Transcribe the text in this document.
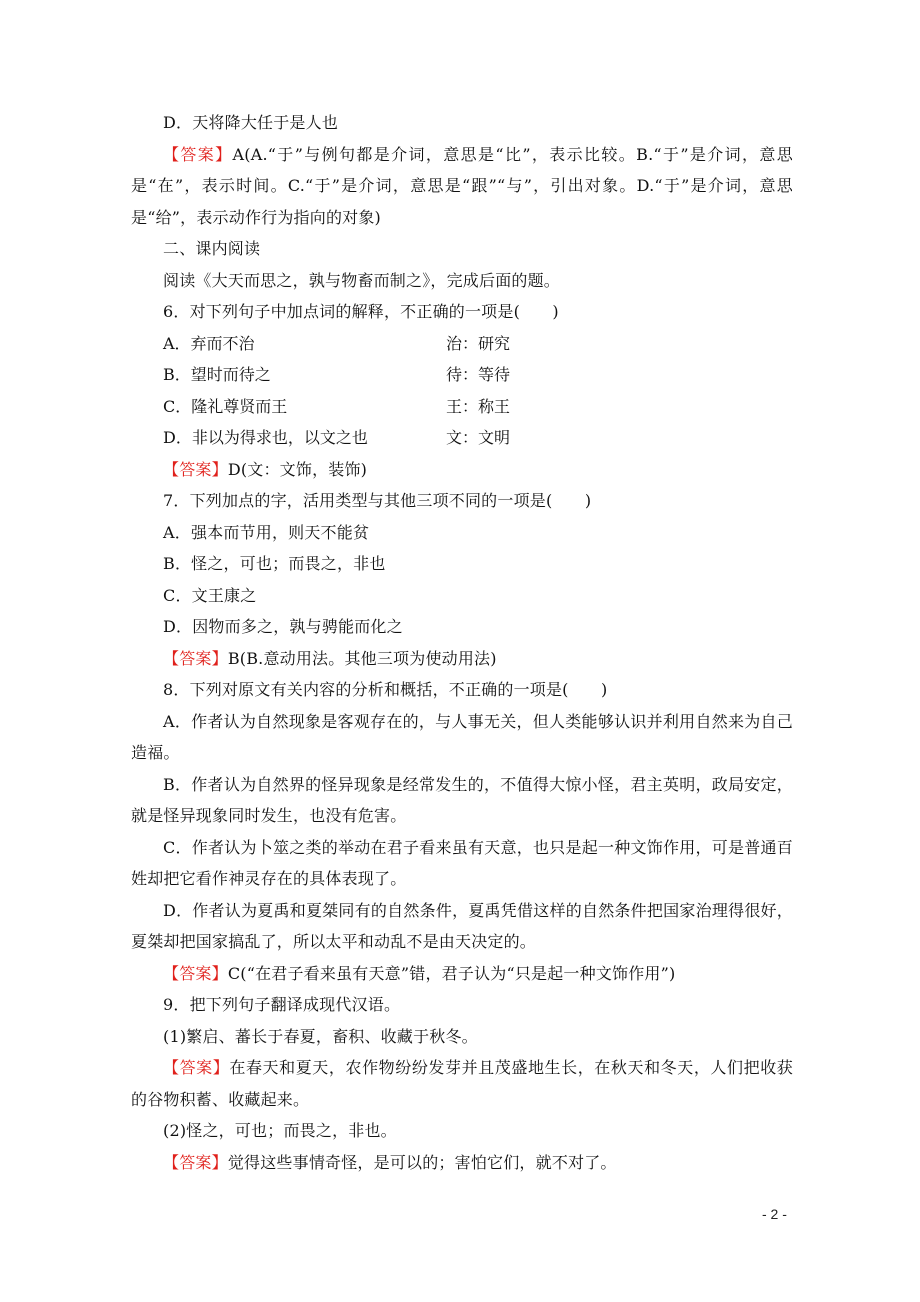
D．天将降大任于是人也
【答案】A(A.“于”与例句都是介词，意思是“比”，表示比较。B.“于”是介词，意思是“在”，表示时间。C.“于”是介词，意思是“跟”“与”，引出对象。D.“于”是介词，意思是“给”，表示动作行为指向的对象)
二、课内阅读
阅读《大天而思之，孰与物畜而制之》，完成后面的题。
6．对下列句子中加点词的解释，不正确的一项是(　　)
A．弃而不治	治：研究
B．望时而待之	待：等待
C．隆礼尊贤而王	王：称王
D．非以为得求也，以文之也	文：文明
【答案】D(文：文饰，装饰)
7．下列加点的字，活用类型与其他三项不同的一项是(　　)
A．强本而节用，则天不能贫
B．怪之，可也；而畏之，非也
C．文王康之
D．因物而多之，孰与骋能而化之
【答案】B(B.意动用法。其他三项为使动用法)
8．下列对原文有关内容的分析和概括，不正确的一项是(　　)
A．作者认为自然现象是客观存在的，与人事无关，但人类能够认识并利用自然来为自己造福。
B．作者认为自然界的怪异现象是经常发生的，不值得大惊小怪，君主英明，政局安定，就是怪异现象同时发生，也没有危害。
C．作者认为卜筮之类的举动在君子看来虽有天意，也只是起一种文饰作用，可是普通百姓却把它看作神灵存在的具体表现了。
D．作者认为夏禹和夏桀同有的自然条件，夏禹凭借这样的自然条件把国家治理得很好，夏桀却把国家搞乱了，所以太平和动乱不是由天决定的。
【答案】C(“在君子看来虽有天意”错，君子认为“只是起一种文饰作用”)
9．把下列句子翻译成现代汉语。
(1)繁启、蕃长于春夏，畜积、收藏于秋冬。
【答案】在春天和夏天，农作物纷纷发芽并且茂盛地生长，在秋天和冬天，人们把收获的谷物积蓄、收藏起来。
(2)怪之，可也；而畏之，非也。
【答案】觉得这些事情奇怪，是可以的；害怕它们，就不对了。
- 2 -
